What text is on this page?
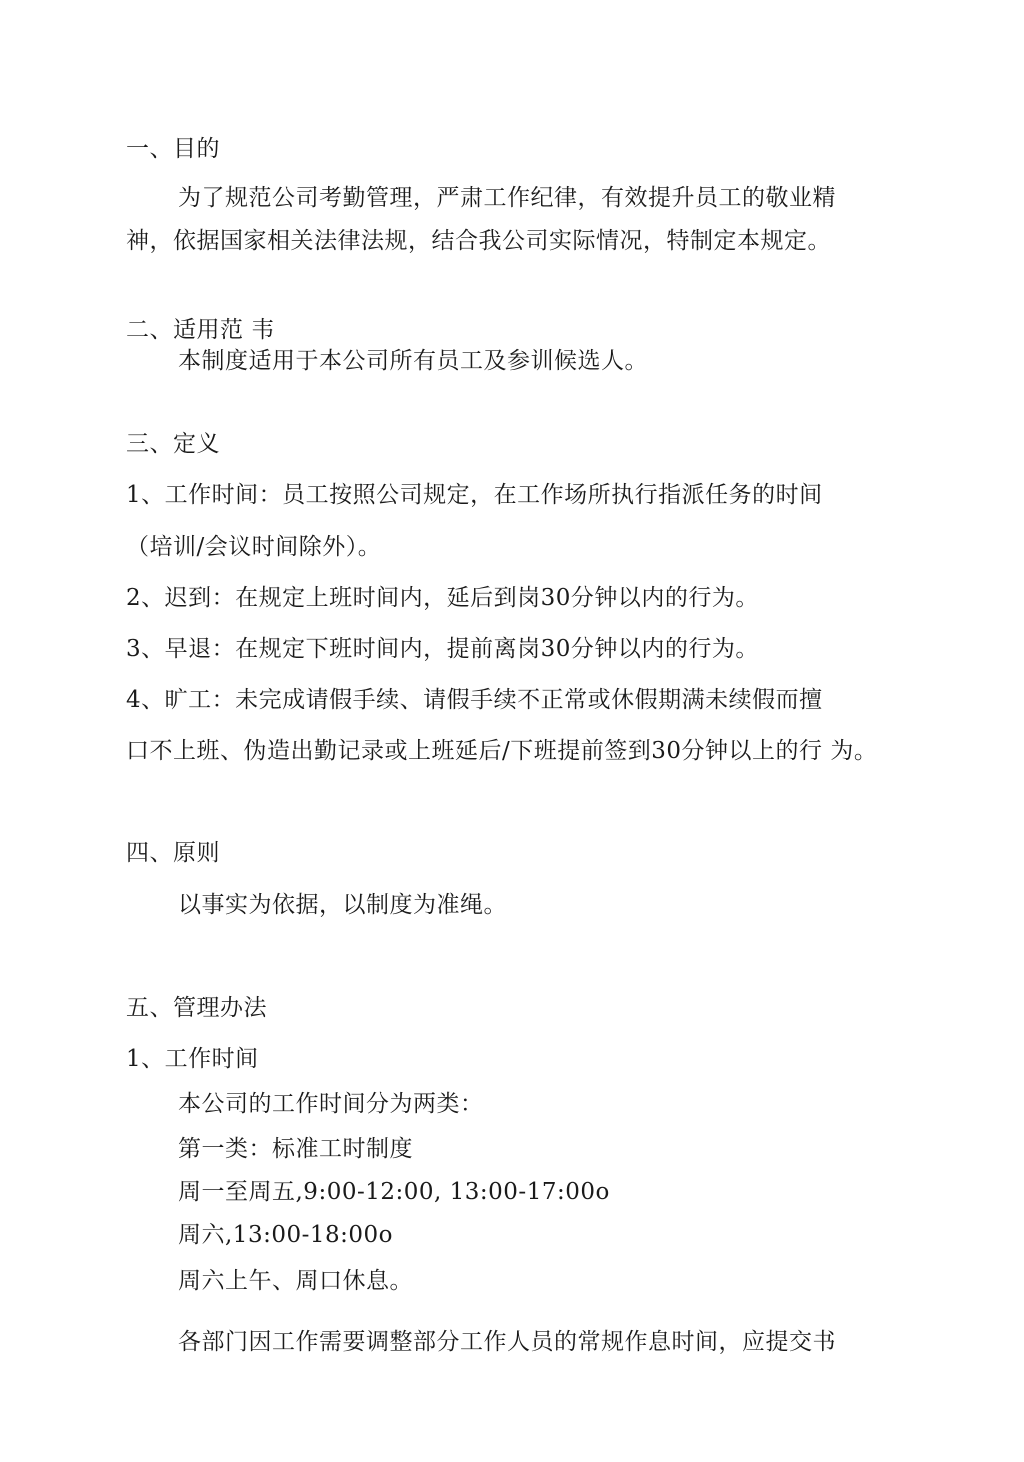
一、目的
为了规范公司考勤管理，严肃工作纪律，有效提升员工的敬业精
神，依据国家相关法律法规，结合我公司实际情况，特制定本规定。
二、适用范 韦
本制度适用于本公司所有员工及参训候选人。
三、定义
1、工作时间：员工按照公司规定，在工作场所执行指派任务的时间
（培训/会议时间除外）。
2、迟到：在规定上班时间内，延后到岗30分钟以内的行为。
3、早退：在规定下班时间内，提前离岗30分钟以内的行为。
4、旷工：未完成请假手续、请假手续不正常或休假期满未续假而擅
口不上班、伪造出勤记录或上班延后/下班提前签到30分钟以上的行 为。
四、原则
以事实为依据，以制度为准绳。
五、管理办法
1、工作时间
本公司的工作时间分为两类：
第一类：标准工时制度
周一至周五,9:00-12:00, 13:00-17:00o
周六,13:00-18:00o
周六上午、周口休息。
各部门因工作需要调整部分工作人员的常规作息时间，应提交书
